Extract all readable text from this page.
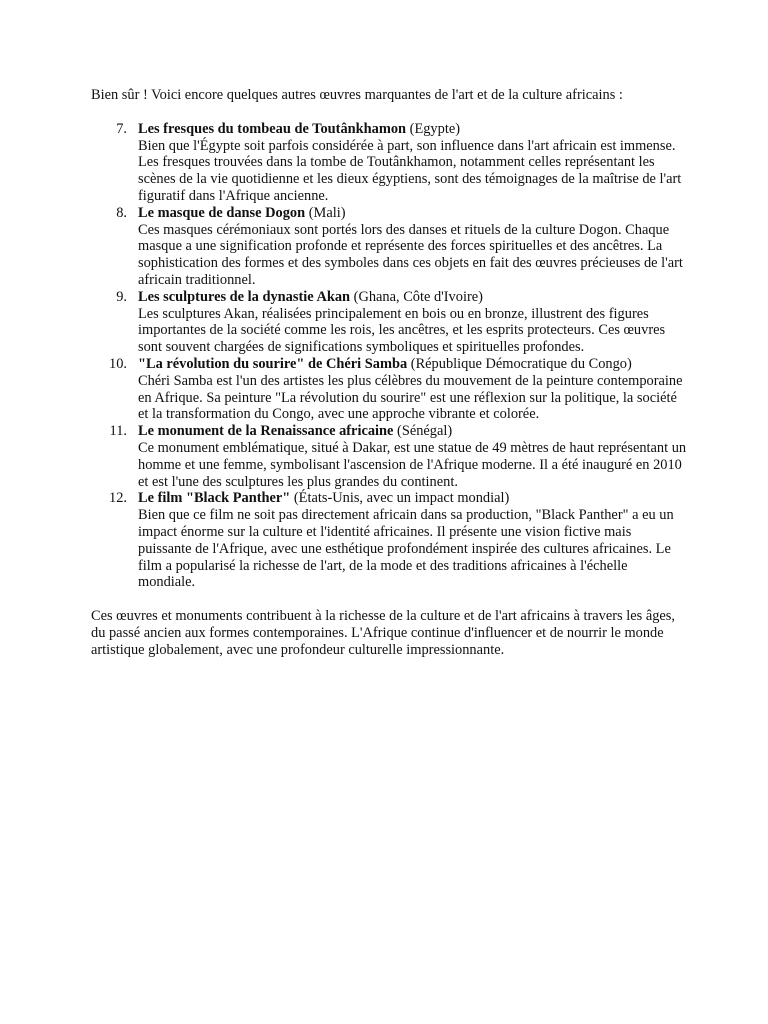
Bien sûr ! Voici encore quelques autres œuvres marquantes de l'art et de la culture africains :

7. Les fresques du tombeau de Toutânkhamon (Egypte)
Bien que l'Égypte soit parfois considérée à part, son influence dans l'art africain est immense. Les fresques trouvées dans la tombe de Toutânkhamon, notamment celles représentant les scènes de la vie quotidienne et les dieux égyptiens, sont des témoignages de la maîtrise de l'art figuratif dans l'Afrique ancienne.
8. Le masque de danse Dogon (Mali)
Ces masques cérémoniaux sont portés lors des danses et rituels de la culture Dogon. Chaque masque a une signification profonde et représente des forces spirituelles et des ancêtres. La sophistication des formes et des symboles dans ces objets en fait des œuvres précieuses de l'art africain traditionnel.
9. Les sculptures de la dynastie Akan (Ghana, Côte d'Ivoire)
Les sculptures Akan, réalisées principalement en bois ou en bronze, illustrent des figures importantes de la société comme les rois, les ancêtres, et les esprits protecteurs. Ces œuvres sont souvent chargées de significations symboliques et spirituelles profondes.
10. "La révolution du sourire" de Chéri Samba (République Démocratique du Congo)
Chéri Samba est l'un des artistes les plus célèbres du mouvement de la peinture contemporaine en Afrique. Sa peinture "La révolution du sourire" est une réflexion sur la politique, la société et la transformation du Congo, avec une approche vibrante et colorée.
11. Le monument de la Renaissance africaine (Sénégal)
Ce monument emblématique, situé à Dakar, est une statue de 49 mètres de haut représentant un homme et une femme, symbolisant l'ascension de l'Afrique moderne. Il a été inauguré en 2010 et est l'une des sculptures les plus grandes du continent.
12. Le film "Black Panther" (États-Unis, avec un impact mondial)
Bien que ce film ne soit pas directement africain dans sa production, "Black Panther" a eu un impact énorme sur la culture et l'identité africaines. Il présente une vision fictive mais puissante de l'Afrique, avec une esthétique profondément inspirée des cultures africaines. Le film a popularisé la richesse de l'art, de la mode et des traditions africaines à l'échelle mondiale.

Ces œuvres et monuments contribuent à la richesse de la culture et de l'art africains à travers les âges, du passé ancien aux formes contemporaines. L'Afrique continue d'influencer et de nourrir le monde artistique globalement, avec une profondeur culturelle impressionnante.
